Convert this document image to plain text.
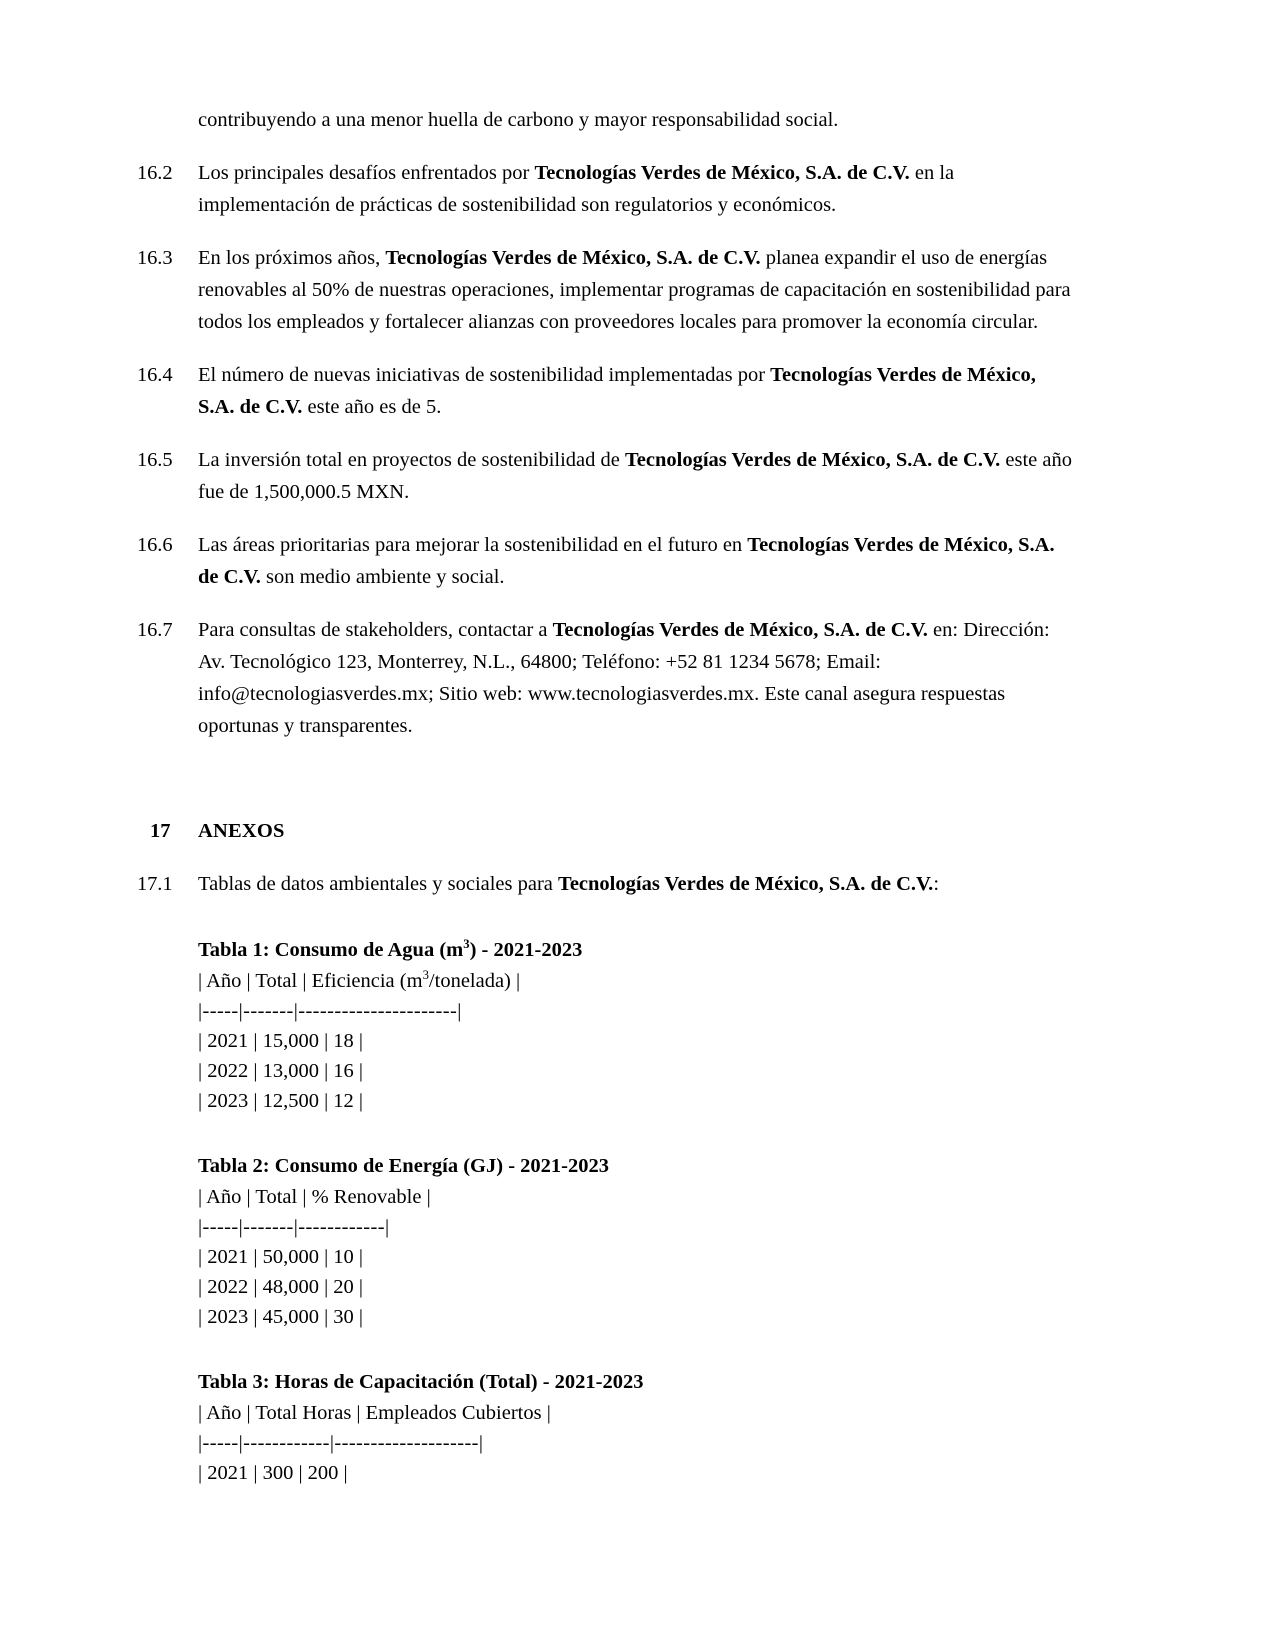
contribuyendo a una menor huella de carbono y mayor responsabilidad social.
16.2	Los principales desafíos enfrentados por Tecnologías Verdes de México, S.A. de C.V. en la implementación de prácticas de sostenibilidad son regulatorios y económicos.
16.3	En los próximos años, Tecnologías Verdes de México, S.A. de C.V. planea expandir el uso de energías renovables al 50% de nuestras operaciones, implementar programas de capacitación en sostenibilidad para todos los empleados y fortalecer alianzas con proveedores locales para promover la economía circular.
16.4	El número de nuevas iniciativas de sostenibilidad implementadas por Tecnologías Verdes de México, S.A. de C.V. este año es de 5.
16.5	La inversión total en proyectos de sostenibilidad de Tecnologías Verdes de México, S.A. de C.V. este año fue de 1,500,000.5 MXN.
16.6	Las áreas prioritarias para mejorar la sostenibilidad en el futuro en Tecnologías Verdes de México, S.A. de C.V. son medio ambiente y social.
16.7	Para consultas de stakeholders, contactar a Tecnologías Verdes de México, S.A. de C.V. en: Dirección: Av. Tecnológico 123, Monterrey, N.L., 64800; Teléfono: +52 81 1234 5678; Email: info@tecnologiasverdes.mx; Sitio web: www.tecnologiasverdes.mx. Este canal asegura respuestas oportunas y transparentes.
17	ANEXOS
17.1	Tablas de datos ambientales y sociales para Tecnologías Verdes de México, S.A. de C.V.:
Tabla 1: Consumo de Agua $(m^3) - 2021-2023$
| Año | Total | Eficiencia $(m^3/tonelada)$ |
|-----|-------|----------------------|
| 2021 | 15,000 | 18 |
| 2022 | 13,000 | 16 |
| 2023 | 12,500 | 12 |
Tabla 2: Consumo de Energía (GJ) - 2021-2023
| Año | Total | % Renovable |
|-----|-------|------------|
| 2021 | 50,000 | 10 |
| 2022 | 48,000 | 20 |
| 2023 | 45,000 | 30 |
Tabla 3: Horas de Capacitación (Total) - 2021-2023
| Año | Total Horas | Empleados Cubiertos |
|-----|------------|--------------------|
| 2021 | 300 | 200 |
